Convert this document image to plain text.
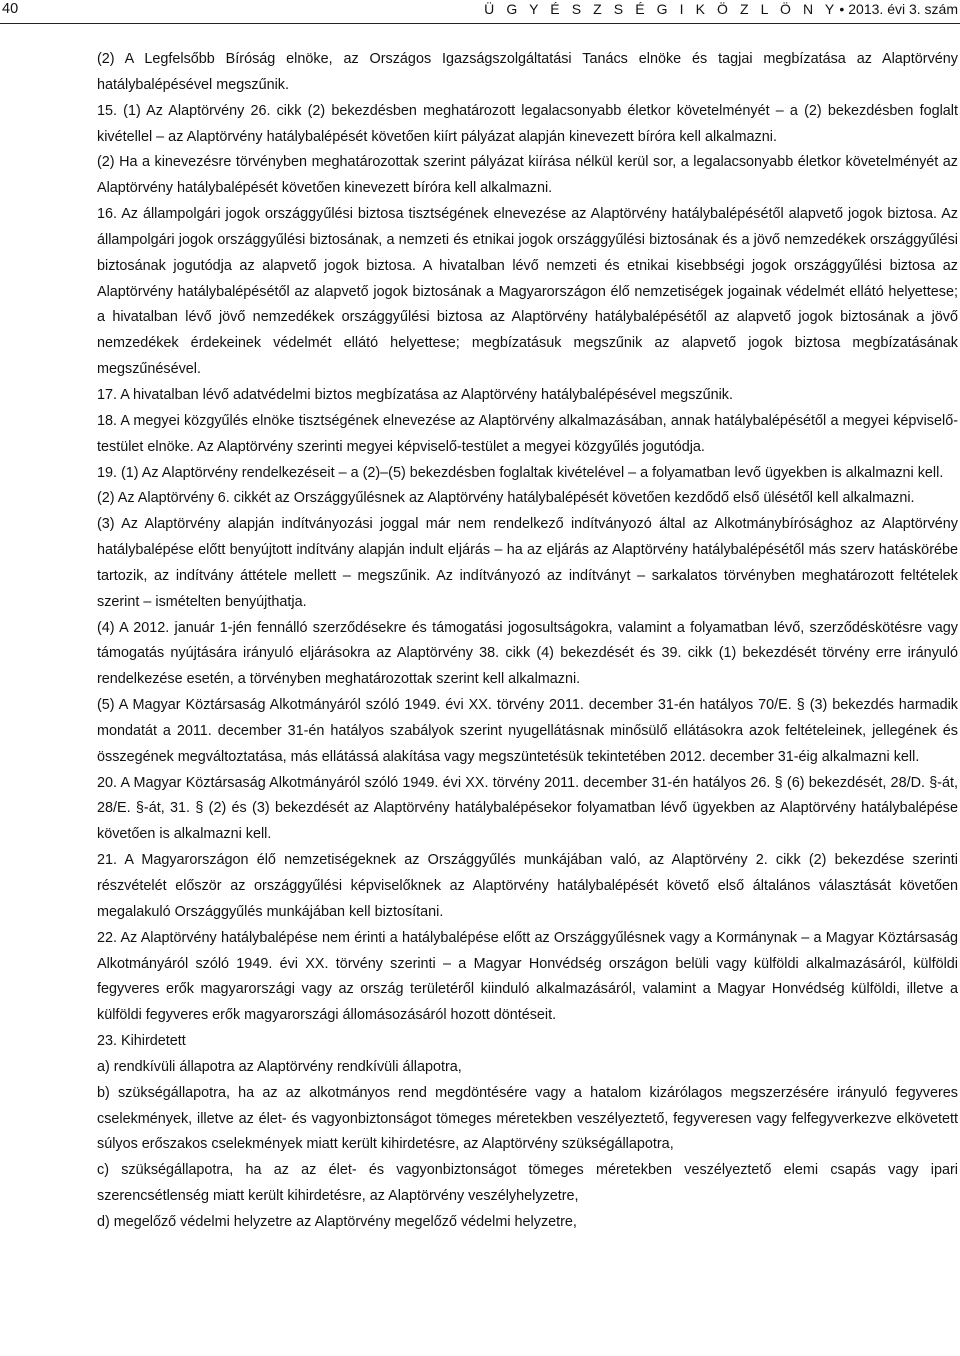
40	Ü G Y É S Z S É G I K Ö Z L Ö N Y• 2013. évi 3. szám

(2) A Legfelsőbb Bíróság elnöke, az Országos Igazságszolgáltatási Tanács elnöke és tagjai megbízatása az Alaptörvény hatálybalépésével megszűnik.

15. (1) Az Alaptörvény 26. cikk (2) bekezdésben meghatározott legalacsonyabb életkor követelményét – a (2) bekezdésben foglalt kivétellel – az Alaptörvény hatálybalépését követően kiírt pályázat alapján kinevezett bíróra kell alkalmazni.

(2) Ha a kinevezésre törvényben meghatározottak szerint pályázat kiírása nélkül kerül sor, a legalacsonyabb életkor követelményét az Alaptörvény hatálybalépését követően kinevezett bíróra kell alkalmazni.

16. Az állampolgári jogok országgyűlési biztosa tisztségének elnevezése az Alaptörvény hatálybalépésétől alapvető jogok biztosa. Az állampolgári jogok országgyűlési biztosának, a nemzeti és etnikai jogok országgyűlési biztosának és a jövő nemzedékek országgyűlési biztosának jogutódja az alapvető jogok biztosa. A hivatalban lévő nemzeti és etnikai kisebbségi jogok országgyűlési biztosa az Alaptörvény hatálybalépésétől az alapvető jogok biztosának a Magyarországon élő nemzetiségek jogainak védelmét ellátó helyettese; a hivatalban lévő jövő nemzedékek országgyűlési biztosa az Alaptörvény hatálybalépésétől az alapvető jogok biztosának a jövő nemzedékek érdekeinek védelmét ellátó helyettese; megbízatásuk megszűnik az alapvető jogok biztosa megbízatásának megszűnésével.

17. A hivatalban lévő adatvédelmi biztos megbízatása az Alaptörvény hatálybalépésével megszűnik.

18. A megyei közgyűlés elnöke tisztségének elnevezése az Alaptörvény alkalmazásában, annak hatálybalépésétől a megyei képviselő-testület elnöke. Az Alaptörvény szerinti megyei képviselő-testület a megyei közgyűlés jogutódja.

19. (1) Az Alaptörvény rendelkezéseit – a (2)–(5) bekezdésben foglaltak kivételével – a folyamatban levő ügyekben is alkalmazni kell.

(2) Az Alaptörvény 6. cikkét az Országgyűlésnek az Alaptörvény hatálybalépését követően kezdődő első ülésétől kell alkalmazni.

(3) Az Alaptörvény alapján indítványozási joggal már nem rendelkező indítványozó által az Alkotmánybírósághoz az Alaptörvény hatálybalépése előtt benyújtott indítvány alapján indult eljárás – ha az eljárás az Alaptörvény hatálybalépésétől más szerv hatáskörébe tartozik, az indítvány áttétele mellett – megszűnik. Az indítványozó az indítványt – sarkalatos törvényben meghatározott feltételek szerint – ismételten benyújthatja.

(4) A 2012. január 1-jén fennálló szerződésekre és támogatási jogosultságokra, valamint a folyamatban lévő, szerződéskötésre vagy támogatás nyújtására irányuló eljárásokra az Alaptörvény 38. cikk (4) bekezdését és 39. cikk (1) bekezdését törvény erre irányuló rendelkezése esetén, a törvényben meghatározottak szerint kell alkalmazni.

(5) A Magyar Köztársaság Alkotmányáról szóló 1949. évi XX. törvény 2011. december 31-én hatályos 70/E. § (3) bekezdés harmadik mondatát a 2011. december 31-én hatályos szabályok szerint nyugellátásnak minősülő ellátásokra azok feltételeinek, jellegének és összegének megváltoztatása, más ellátássá alakítása vagy megszüntetésük tekintetében 2012. december 31-éig alkalmazni kell.

20. A Magyar Köztársaság Alkotmányáról szóló 1949. évi XX. törvény 2011. december 31-én hatályos 26. § (6) bekezdését, 28/D. §-át, 28/E. §-át, 31. § (2) és (3) bekezdését az Alaptörvény hatálybalépésekor folyamatban lévő ügyekben az Alaptörvény hatálybalépése követően is alkalmazni kell.

21. A Magyarországon élő nemzetiségeknek az Országgyűlés munkájában való, az Alaptörvény 2. cikk (2) bekezdése szerinti részvételét először az országgyűlési képviselőknek az Alaptörvény hatálybalépését követő első általános választását követően megalakuló Országgyűlés munkájában kell biztosítani.

22. Az Alaptörvény hatálybalépése nem érinti a hatálybalépése előtt az Országgyűlésnek vagy a Kormánynak – a Magyar Köztársaság Alkotmányáról szóló 1949. évi XX. törvény szerinti – a Magyar Honvédség országon belüli vagy külföldi alkalmazásáról, külföldi fegyveres erők magyarországi vagy az ország területéről kiinduló alkalmazásáról, valamint a Magyar Honvédség külföldi, illetve a külföldi fegyveres erők magyarországi állomásozásáról hozott döntéseit.

23. Kihirdetett

a) rendkívüli állapotra az Alaptörvény rendkívüli állapotra,

b) szükségállapotra, ha az az alkotmányos rend megdöntésére vagy a hatalom kizárólagos megszerzésére irányuló fegyveres cselekmények, illetve az élet- és vagyonbiztonságot tömeges méretekben veszélyeztető, fegyveresen vagy felfegyverkezve elkövetett súlyos erőszakos cselekmények miatt került kihirdetésre, az Alaptörvény szükségállapotra,

c) szükségállapotra, ha az az élet- és vagyonbiztonságot tömeges méretekben veszélyeztető elemi csapás vagy ipari szerencsétlenség miatt került kihirdetésre, az Alaptörvény veszélyhelyzetre,

d) megelőző védelmi helyzetre az Alaptörvény megelőző védelmi helyzetre,
